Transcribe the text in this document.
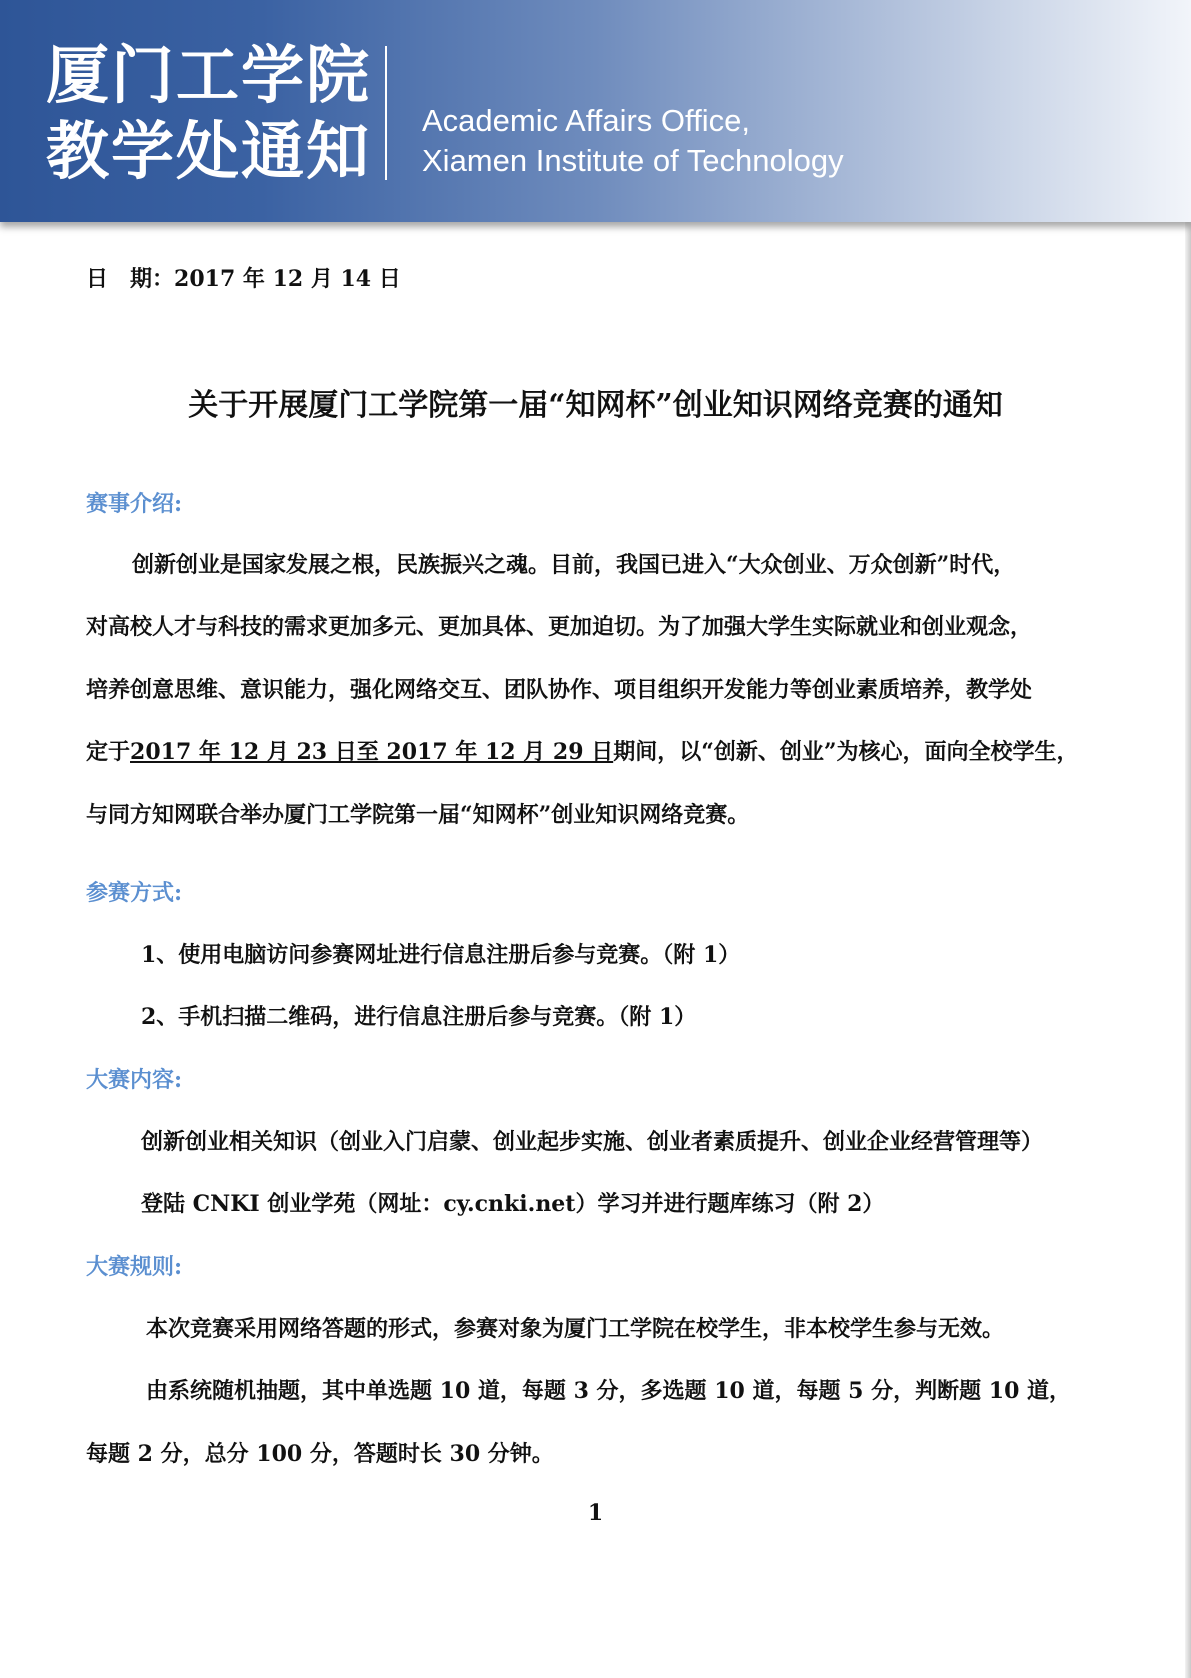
厦门工学院
教学处通知 Academic Affairs Office,
Xiamen Institute of Technology
日　期：2017 年 12 月 14 日
关于开展厦门工学院第一届“知网杯”创业知识网络竞赛的通知
赛事介绍:
创新创业是国家发展之根，民族振兴之魂。目前，我国已进入“大众创业、万众创新”时代，
对高校人才与科技的需求更加多元、更加具体、更加迫切。为了加强大学生实际就业和创业观念，
培养创意思维、意识能力，强化网络交互、团队协作、项目组织开发能力等创业素质培养，教学处
定于2017 年 12 月 23 日至 2017 年 12 月 29 日期间，以“创新、创业”为核心，面向全校学生，
与同方知网联合举办厦门工学院第一届“知网杯”创业知识网络竞赛。
参赛方式:
1、使用电脑访问参赛网址进行信息注册后参与竞赛。（附 1）
2、手机扫描二维码，进行信息注册后参与竞赛。（附 1）
大赛内容:
创新创业相关知识（创业入门启蒙、创业起步实施、创业者素质提升、创业企业经营管理等）
登陆 CNKI 创业学苑（网址：cy.cnki.net）学习并进行题库练习（附 2）
大赛规则:
本次竞赛采用网络答题的形式，参赛对象为厦门工学院在校学生，非本校学生参与无效。
由系统随机抽题，其中单选题 10 道，每题 3 分，多选题 10 道，每题 5 分，判断题 10 道，
每题 2 分，总分 100 分，答题时长 30 分钟。
1
